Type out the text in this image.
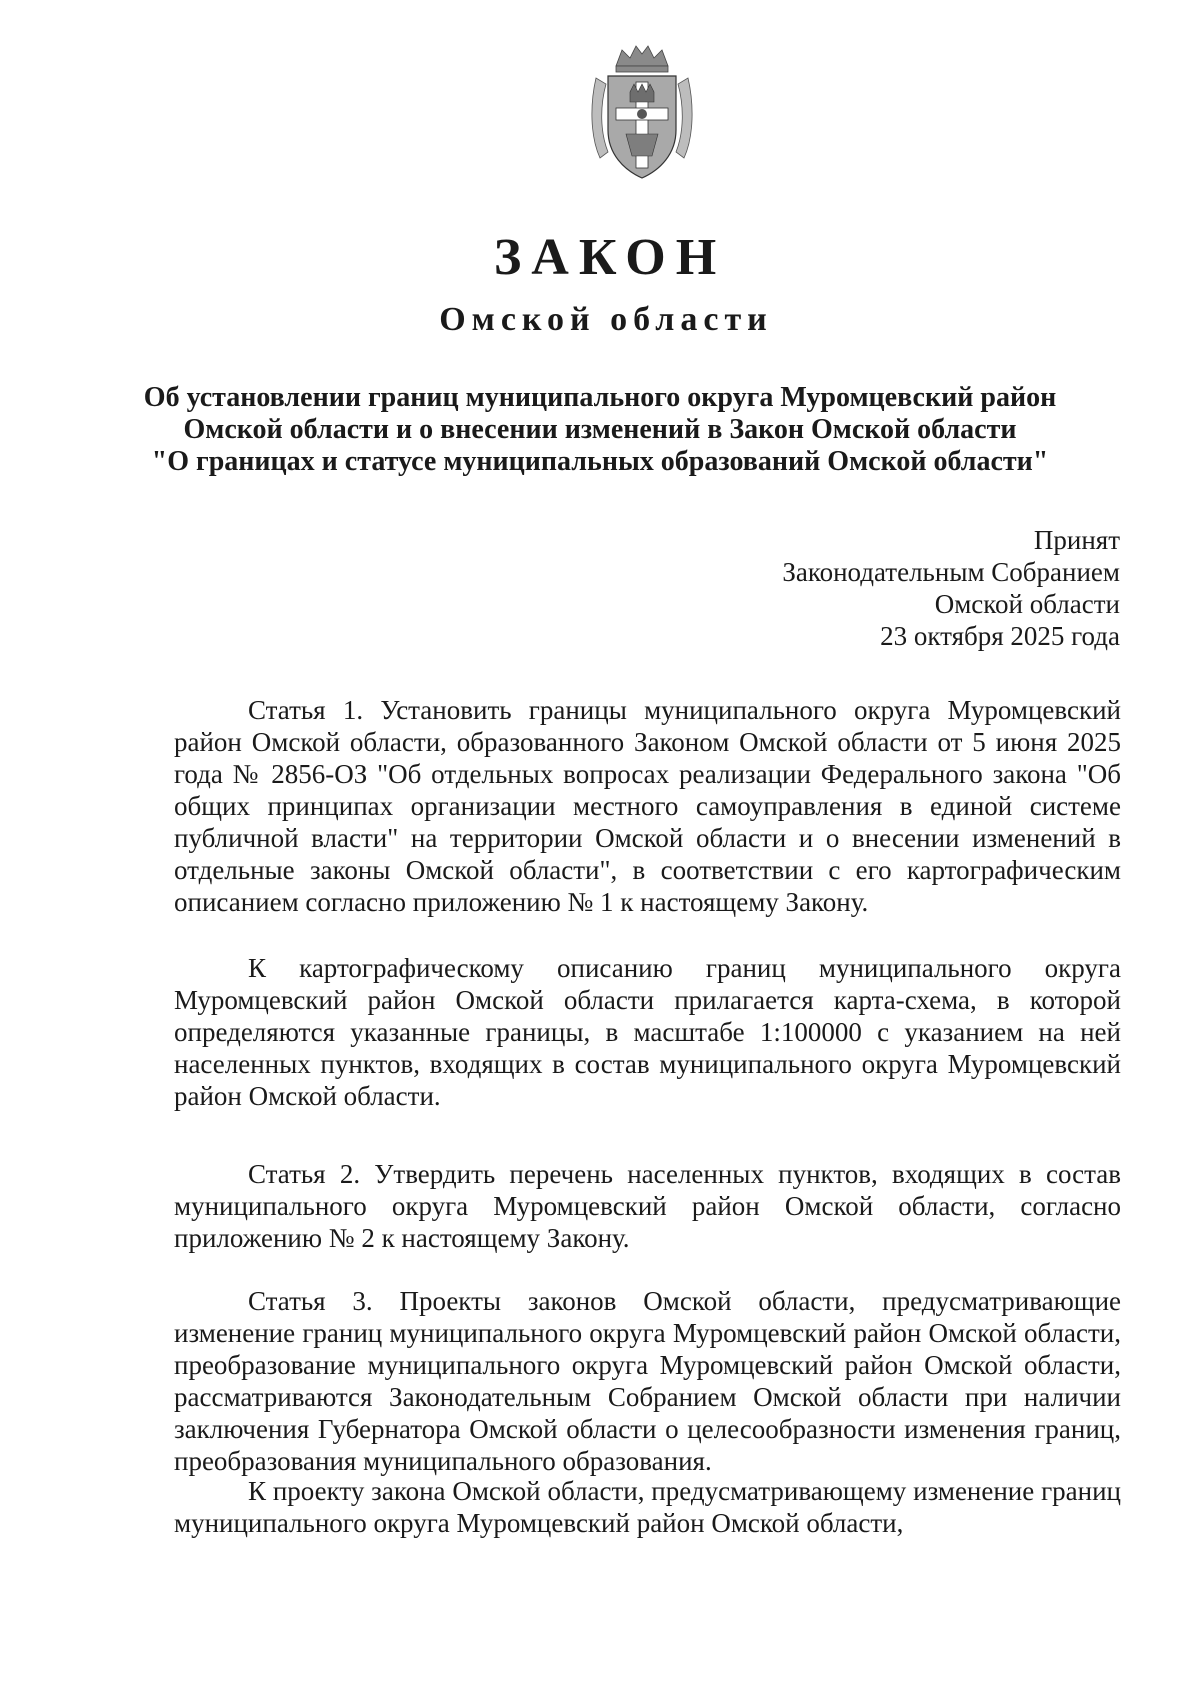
ЗАКОН
Омской области
Об установлении границ муниципального округа Муромцевский район
Омской области и о внесении изменений в Закон Омской области
"О границах и статусе муниципальных образований Омской области"
Принят
Законодательным Собранием
Омской области
23 октября 2025 года

Статья 1. Установить границы муниципального округа Муромцевский район Омской области, образованного Законом Омской области от 5 июня 2025 года № 2856-ОЗ "Об отдельных вопросах реализации Федерального закона "Об общих принципах организации местного самоуправления в единой системе публичной власти" на территории Омской области и о внесении изменений в отдельные законы Омской области", в соответствии с его картографическим описанием согласно приложению № 1 к настоящему Закону.

К картографическому описанию границ муниципального округа Муромцевский район Омской области прилагается карта-схема, в которой определяются указанные границы, в масштабе 1:100000 с указанием на ней населенных пунктов, входящих в состав муниципального округа Муромцевский район Омской области.

Статья 2. Утвердить перечень населенных пунктов, входящих в состав муниципального округа Муромцевский район Омской области, согласно приложению № 2 к настоящему Закону.

Статья 3. Проекты законов Омской области, предусматривающие изменение границ муниципального округа Муромцевский район Омской области, преобразование муниципального округа Муромцевский район Омской области, рассматриваются Законодательным Собранием Омской области при наличии заключения Губернатора Омской области о целесообразности изменения границ, преобразования муниципального образования.

К проекту закона Омской области, предусматривающему изменение границ муниципального округа Муромцевский район Омской области,
